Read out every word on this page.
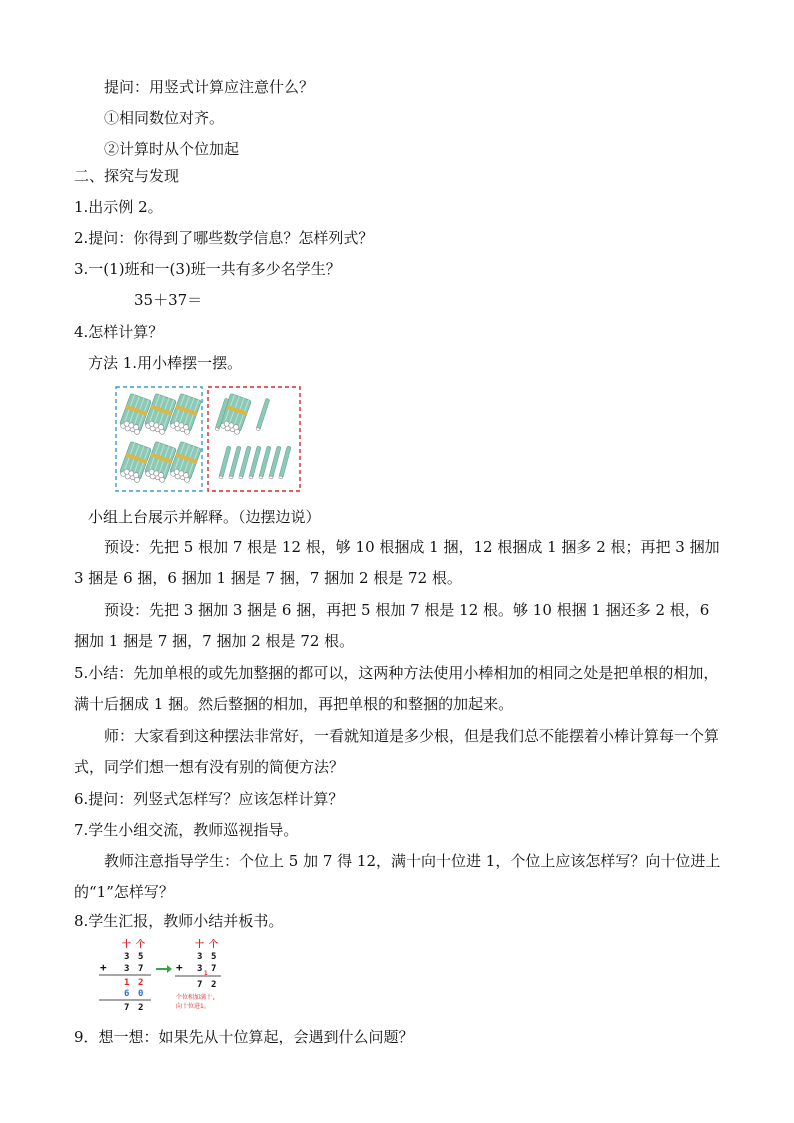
提问：用竖式计算应注意什么？
①相同数位对齐。
②计算时从个位加起
二、探究与发现
1.出示例 2。
2.提问：你得到了哪些数学信息？怎样列式？
3.一(1)班和一(3)班一共有多少名学生？
35＋37＝
4.怎样计算？
方法 1.用小棒摆一摆。
小组上台展示并解释。（边摆边说）
预设：先把 5 根加 7 根是 12 根，够 10 根捆成 1 捆，12 根捆成 1 捆多 2 根；再把 3 捆加 3 捆是 6 捆，6 捆加 1 捆是 7 捆，7 捆加 2 根是 72 根。
预设：先把 3 捆加 3 捆是 6 捆，再把 5 根加 7 根是 12 根。够 10 根捆 1 捆还多 2 根，6 捆加 1 捆是 7 捆，7 捆加 2 根是 72 根。
5.小结：先加单根的或先加整捆的都可以，这两种方法使用小棒相加的相同之处是把单根的相加，满十后捆成 1 捆。然后整捆的相加，再把单根的和整捆的加起来。
师：大家看到这种摆法非常好，一看就知道是多少根，但是我们总不能摆着小棒计算每一个算式，同学们想一想有没有别的简便方法？
6.提问：列竖式怎样写？应该怎样计算？
7.学生小组交流，教师巡视指导。
教师注意指导学生：个位上 5 加 7 得 12，满十向十位进 1，个位上应该怎样写？向十位进上的“1”怎样写？
8.学生汇报，教师小结并板书。
十 个
3 5
+ 3 7
1 2
6 0
7 2
十 个
3 5
+ 3 1 7
7 2
个位相加满十,
向十位进1。
9．想一想：如果先从十位算起，会遇到什么问题？
